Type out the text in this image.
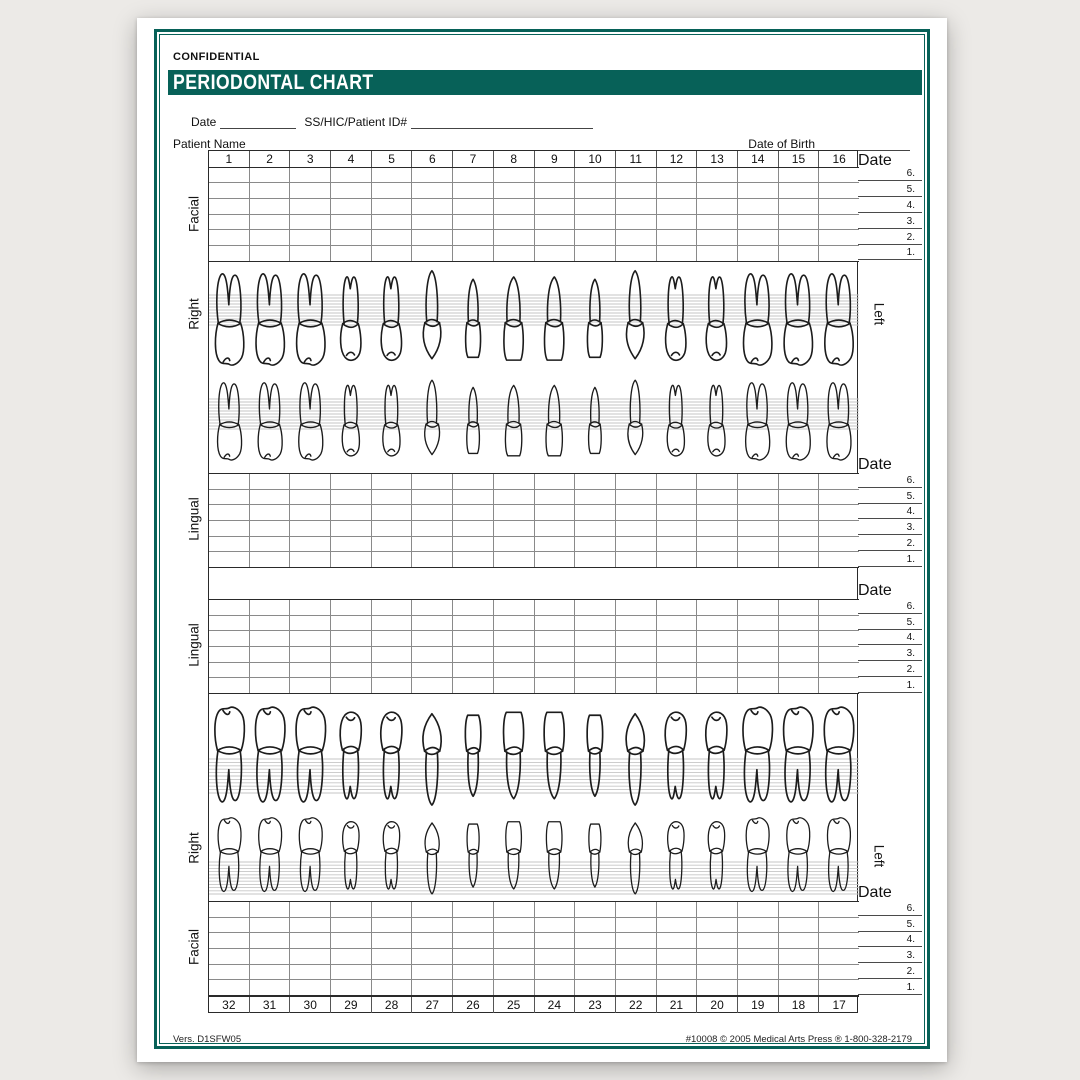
CONFIDENTIAL
PERIODONTAL CHART
Date	SS/HIC/Patient ID#
Patient Name	Date of Birth
1	2	3	4	5	6	7	8	9	10	11	12	13	14	15	16
32	31	30	29	28	27	26	25	24	23	22	21	20	19	18	17
Date
6.
5.
4.
3.
2.
1.
Date
6.
5.
4.
3.
2.
1.
Date
6.
5.
4.
3.
2.
1.
Date
6.
5.
4.
3.
2.
1.
Facial
Right
Lingual
Lingual
Right
Facial
Left
Left
Vers. D1SFW05	#10008 © 2005 Medical Arts Press ® 1-800-328-2179
